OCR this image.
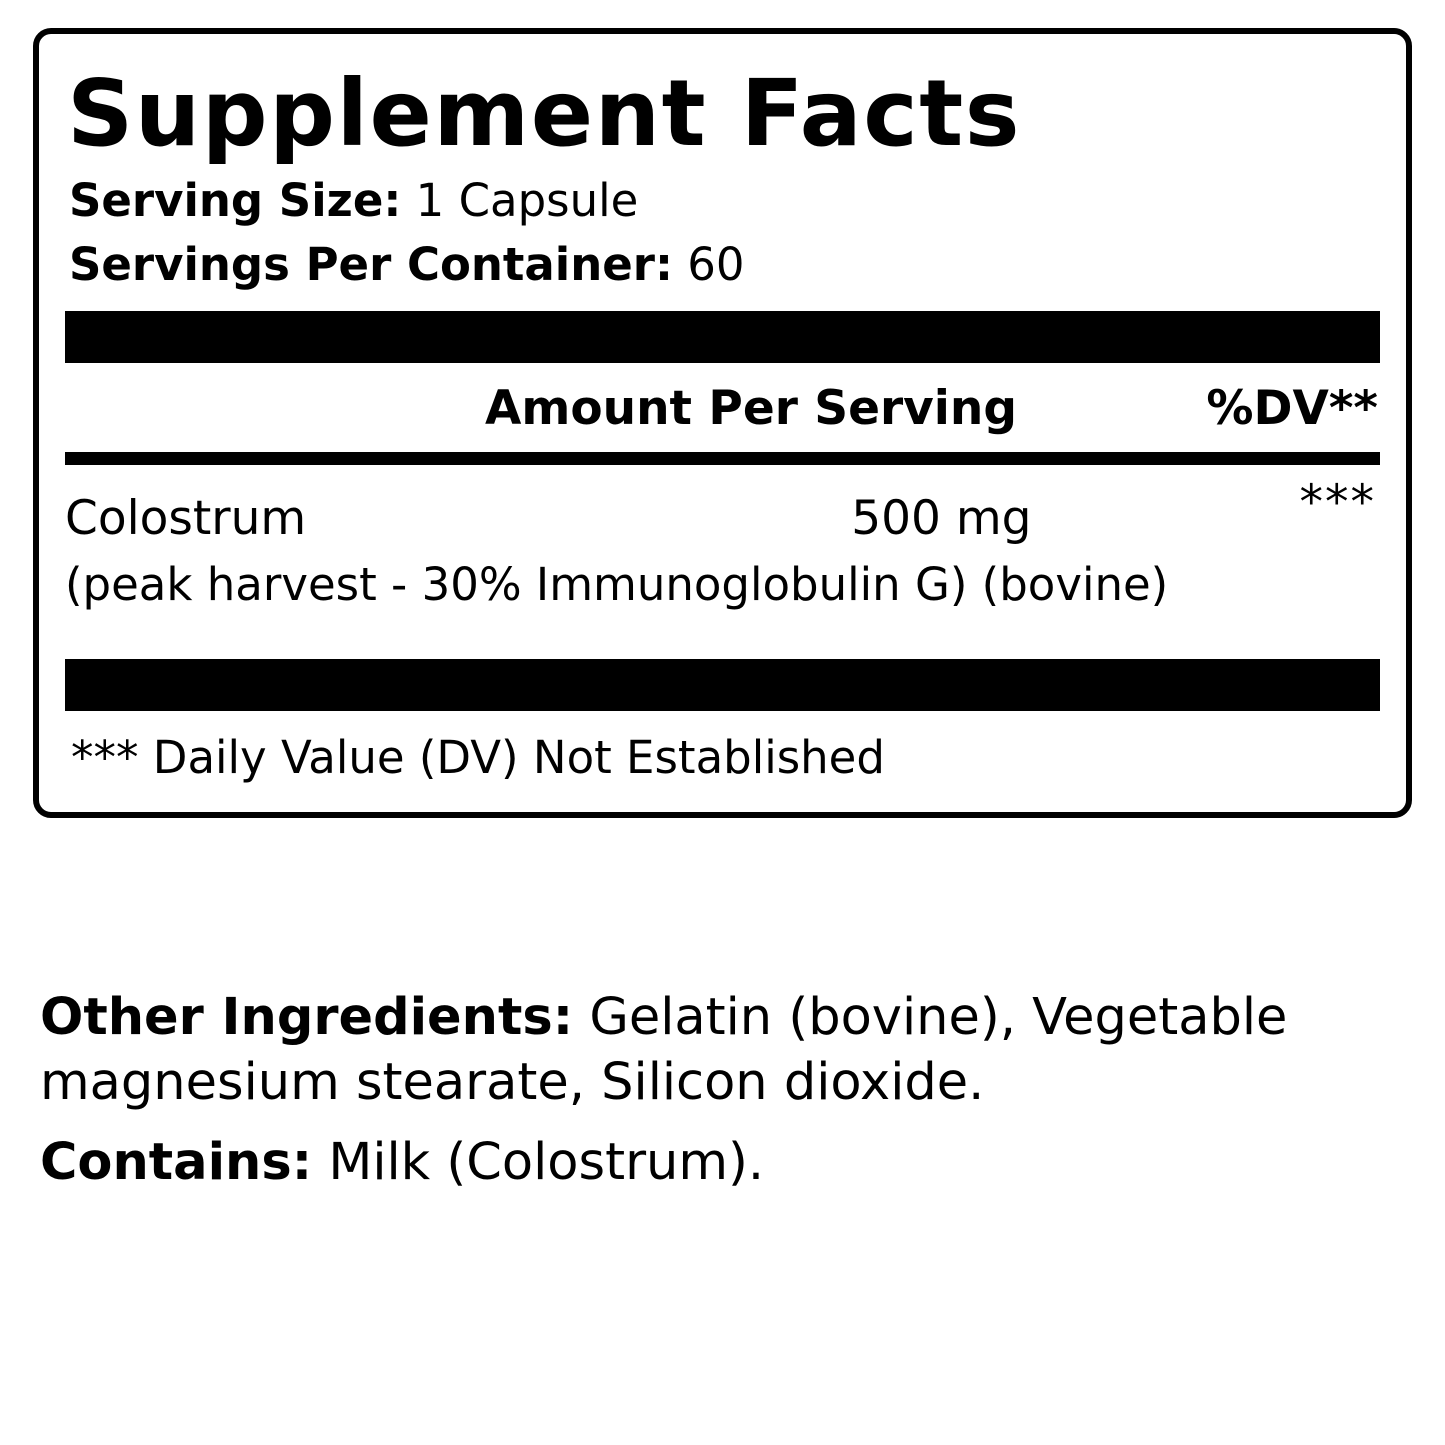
Supplement Facts
Serving Size: 1 Capsule
Servings Per Container: 60
Amount Per Serving	%DV**
***
Colostrum	500 mg
(peak harvest - 30% Immunoglobulin G) (bovine)
*** Daily Value (DV) Not Established

Other Ingredients: Gelatin (bovine), Vegetable magnesium stearate, Silicon dioxide.

Contains: Milk (Colostrum).
